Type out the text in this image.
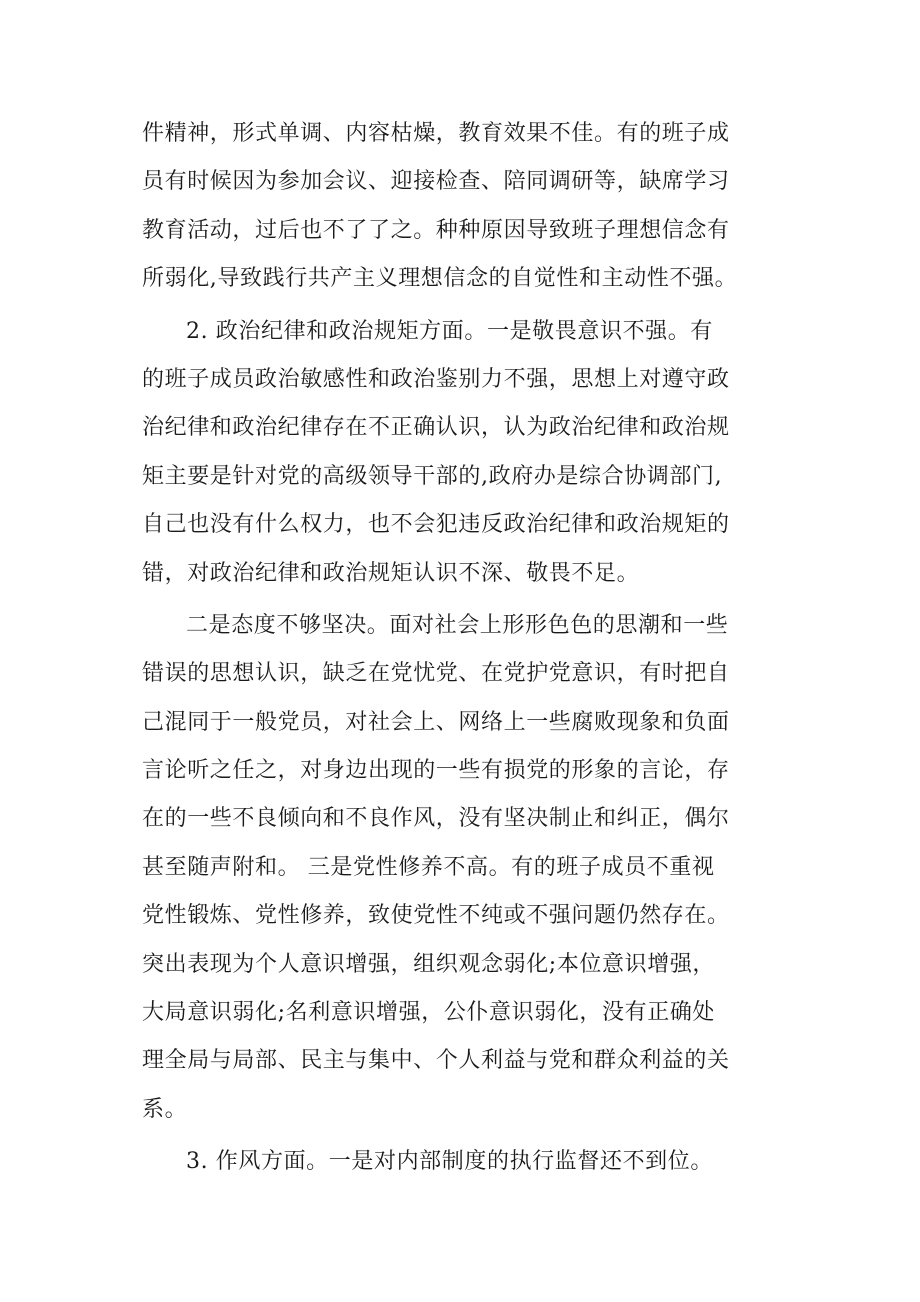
件精神，形式单调、内容枯燥，教育效果不佳。有的班子成
员有时候因为参加会议、迎接检查、陪同调研等，缺席学习
教育活动，过后也不了了之。种种原因导致班子理想信念有
所弱化,导致践行共产主义理想信念的自觉性和主动性不强。
2. 政治纪律和政治规矩方面。一是敬畏意识不强。有
的班子成员政治敏感性和政治鉴别力不强，思想上对遵守政
治纪律和政治纪律存在不正确认识，认为政治纪律和政治规
矩主要是针对党的高级领导干部的,政府办是综合协调部门,
自己也没有什么权力，也不会犯违反政治纪律和政治规矩的
错，对政治纪律和政治规矩认识不深、敬畏不足。
二是态度不够坚决。面对社会上形形色色的思潮和一些
错误的思想认识，缺乏在党忧党、在党护党意识，有时把自
己混同于一般党员，对社会上、网络上一些腐败现象和负面
言论听之任之，对身边出现的一些有损党的形象的言论，存
在的一些不良倾向和不良作风，没有坚决制止和纠正，偶尔
甚至随声附和。 三是党性修养不高。有的班子成员不重视
党性锻炼、党性修养，致使党性不纯或不强问题仍然存在。
突出表现为个人意识增强，组织观念弱化;本位意识增强，
大局意识弱化;名利意识增强，公仆意识弱化，没有正确处
理全局与局部、民主与集中、个人利益与党和群众利益的关
系。
3. 作风方面。一是对内部制度的执行监督还不到位。
